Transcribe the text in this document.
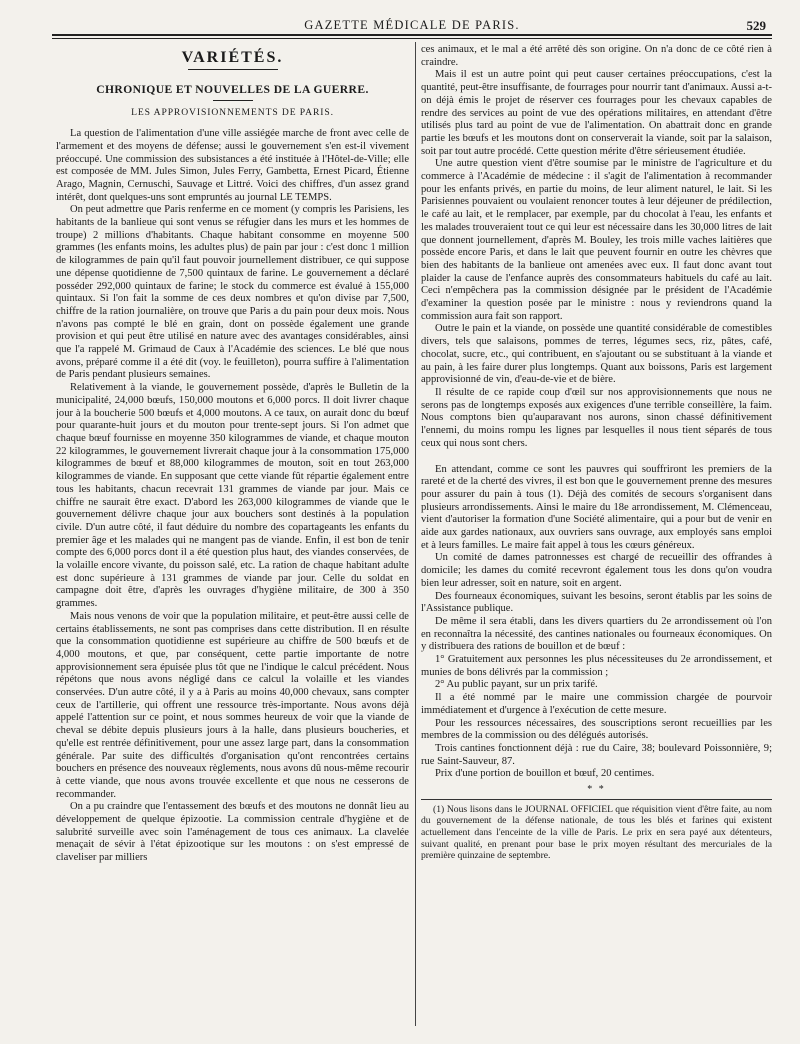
GAZETTE MÉDICALE DE PARIS.	529
VARIÉTÉS.
CHRONIQUE ET NOUVELLES DE LA GUERRE.
LES APPROVISIONNEMENTS DE PARIS.

La question de l'alimentation d'une ville assiégée marche de front avec celle de l'armement et des moyens de défense; aussi le gouvernement s'en est-il vivement préoccupé. Une commission des subsistances a été instituée à l'Hôtel-de-Ville; elle est composée de MM. Jules Simon, Jules Ferry, Gambetta, Ernest Picard, Étienne Arago, Magnin, Cernuschi, Sauvage et Littré. Voici des chiffres, d'un assez grand intérêt, dont quelques-uns sont empruntés au journal LE TEMPS.

On peut admettre que Paris renferme en ce moment (y compris les Parisiens, les habitants de la banlieue qui sont venus se réfugier dans les murs et les hommes de troupe) 2 millions d'habitants. Chaque habitant consomme en moyenne 500 grammes (les enfants moins, les adultes plus) de pain par jour : c'est donc 1 million de kilogrammes de pain qu'il faut pouvoir journellement distribuer, ce qui suppose une dépense quotidienne de 7,500 quintaux de farine. Le gouvernement a déclaré posséder 292,000 quintaux de farine; le stock du commerce est évalué à 155,000 quintaux. Si l'on fait la somme de ces deux nombres et qu'on divise par 7,500, chiffre de la ration journalière, on trouve que Paris a du pain pour deux mois. Nous n'avons pas compté le blé en grain, dont on possède également une grande provision et qui peut être utilisé en nature avec des avantages considérables, ainsi que l'a rappelé M. Grimaud de Caux à l'Académie des sciences. Le blé que nous avons, préparé comme il a été dit (voy. le feuilleton), pourra suffire à l'alimentation de Paris pendant plusieurs semaines.

Relativement à la viande, le gouvernement possède, d'après le Bulletin de la municipalité, 24,000 bœufs, 150,000 moutons et 6,000 porcs. Il doit livrer chaque jour à la boucherie 500 bœufs et 4,000 moutons. A ce taux, on aurait donc du bœuf pour quarante-huit jours et du mouton pour trente-sept jours. Si l'on admet que chaque bœuf fournisse en moyenne 350 kilogrammes de viande, et chaque mouton 22 kilogrammes, le gouvernement livrerait chaque jour à la consommation 175,000 kilogrammes de bœuf et 88,000 kilogrammes de mouton, soit en tout 263,000 kilogrammes de viande. En supposant que cette viande fût répartie également entre tous les habitants, chacun recevrait 131 grammes de viande par jour. Mais ce chiffre ne saurait être exact. D'abord les 263,000 kilogrammes de viande que le gouvernement délivre chaque jour aux bouchers sont destinés à la population civile. D'un autre côté, il faut déduire du nombre des copartageants les enfants du premier âge et les malades qui ne mangent pas de viande. Enfin, il est bon de tenir compte des 6,000 porcs dont il a été question plus haut, des viandes conservées, de la volaille encore vivante, du poisson salé, etc. La ration de chaque habitant adulte est donc supérieure à 131 grammes de viande par jour. Celle du soldat en campagne doit être, d'après les ouvrages d'hygiène militaire, de 300 à 350 grammes.

Mais nous venons de voir que la population militaire, et peut-être aussi celle de certains établissements, ne sont pas comprises dans cette distribution. Il en résulte que la consommation quotidienne est supérieure au chiffre de 500 bœufs et de 4,000 moutons, et que, par conséquent, cette partie importante de notre approvisionnement sera épuisée plus tôt que ne l'indique le calcul précédent. Nous répétons que nous avons négligé dans ce calcul la volaille et les viandes conservées. D'un autre côté, il y a à Paris au moins 40,000 chevaux, sans compter ceux de l'artillerie, qui offrent une ressource très-importante. Nous avons déjà appelé l'attention sur ce point, et nous sommes heureux de voir que la viande de cheval se débite depuis plusieurs jours à la halle, dans plusieurs boucheries, et qu'elle est rentrée définitivement, pour une assez large part, dans la consommation générale. Par suite des difficultés d'organisation qu'ont rencontrées certains bouchers en présence des nouveaux règlements, nous avons dû nous-même recourir à cette viande, que nous avons trouvée excellente et que nous ne cesserons de recommander.

On a pu craindre que l'entassement des bœufs et des moutons ne donnât lieu au développement de quelque épizootie. La commission centrale d'hygiène et de salubrité surveille avec soin l'aménagement de tous ces animaux. La clavelée menaçait de sévir à l'état épizootique sur les moutons : on s'est empressé de claveliser par milliers

ces animaux, et le mal a été arrêté dès son origine. On n'a donc de ce côté rien à craindre.

Mais il est un autre point qui peut causer certaines préoccupations, c'est la quantité, peut-être insuffisante, de fourrages pour nourrir tant d'animaux. Aussi a-t-on déjà émis le projet de réserver ces fourrages pour les chevaux capables de rendre des services au point de vue des opérations militaires, en attendant d'être utilisés plus tard au point de vue de l'alimentation. On abattrait donc en grande partie les bœufs et les moutons dont on conserverait la viande, soit par la salaison, soit par tout autre procédé. Cette question mérite d'être sérieusement étudiée.

Une autre question vient d'être soumise par le ministre de l'agriculture et du commerce à l'Académie de médecine : il s'agit de l'alimentation à recommander pour les enfants privés, en partie du moins, de leur aliment naturel, le lait. Si les Parisiennes pouvaient ou voulaient renoncer toutes à leur déjeuner de prédilection, le café au lait, et le remplacer, par exemple, par du chocolat à l'eau, les enfants et les malades trouveraient tout ce qui leur est nécessaire dans les 30,000 litres de lait que donnent journellement, d'après M. Bouley, les trois mille vaches laitières que possède encore Paris, et dans le lait que peuvent fournir en outre les chèvres que bien des habitants de la banlieue ont amenées avec eux. Il faut donc avant tout plaider la cause de l'enfance auprès des consommateurs habituels du café au lait. Ceci n'empêchera pas la commission désignée par le président de l'Académie d'examiner la question posée par le ministre : nous y reviendrons quand la commission aura fait son rapport.

Outre le pain et la viande, on possède une quantité considérable de comestibles divers, tels que salaisons, pommes de terres, légumes secs, riz, pâtes, café, chocolat, sucre, etc., qui contribuent, en s'ajoutant ou se substituant à la viande et au pain, à les faire durer plus longtemps. Quant aux boissons, Paris est largement approvisionné de vin, d'eau-de-vie et de bière.

Il résulte de ce rapide coup d'œil sur nos approvisionnements que nous ne serons pas de longtemps exposés aux exigences d'une terrible conseillère, la faim. Nous comptons bien qu'auparavant nos aurons, sinon chassé définitivement l'ennemi, du moins rompu les lignes par lesquelles il nous tient séparés de tous ceux qui nous sont chers.

En attendant, comme ce sont les pauvres qui souffriront les premiers de la rareté et de la cherté des vivres, il est bon que le gouvernement prenne des mesures pour assurer du pain à tous (1). Déjà des comités de secours s'organisent dans plusieurs arrondissements. Ainsi le maire du 18e arrondissement, M. Clémenceau, vient d'autoriser la formation d'une Société alimentaire, qui a pour but de venir en aide aux gardes nationaux, aux ouvriers sans ouvrage, aux employés sans emploi et à leurs familles. Le maire fait appel à tous les cœurs généreux.

Un comité de dames patronnesses est chargé de recueillir des offrandes à domicile; les dames du comité recevront également tous les dons qu'on voudra bien leur adresser, soit en nature, soit en argent.

Des fourneaux économiques, suivant les besoins, seront établis par les soins de l'Assistance publique.

De même il sera établi, dans les divers quartiers du 2e arrondissement où l'on en reconnaîtra la nécessité, des cantines nationales ou fourneaux économiques. On y distribuera des rations de bouillon et de bœuf :

1° Gratuitement aux personnes les plus nécessiteuses du 2e arrondissement, et munies de bons délivrés par la commission ;

2° Au public payant, sur un prix tarifé.

Il a été nommé par le maire une commission chargée de pourvoir immédiatement et d'urgence à l'exécution de cette mesure.

Pour les ressources nécessaires, des souscriptions seront recueillies par les membres de la commission ou des délégués autorisés.

Trois cantines fonctionnent déjà : rue du Caire, 38; boulevard Poissonnière, 9; rue Saint-Sauveur, 87.

Prix d'une portion de bouillon et bœuf, 20 centimes.

* *

(1) Nous lisons dans le JOURNAL OFFICIEL que réquisition vient d'être faite, au nom du gouvernement de la défense nationale, de tous les blés et farines qui existent actuellement dans l'enceinte de la ville de Paris. Le prix en sera payé aux détenteurs, suivant qualité, en prenant pour base le prix moyen résultant des mercuriales de la première quinzaine de septembre.
